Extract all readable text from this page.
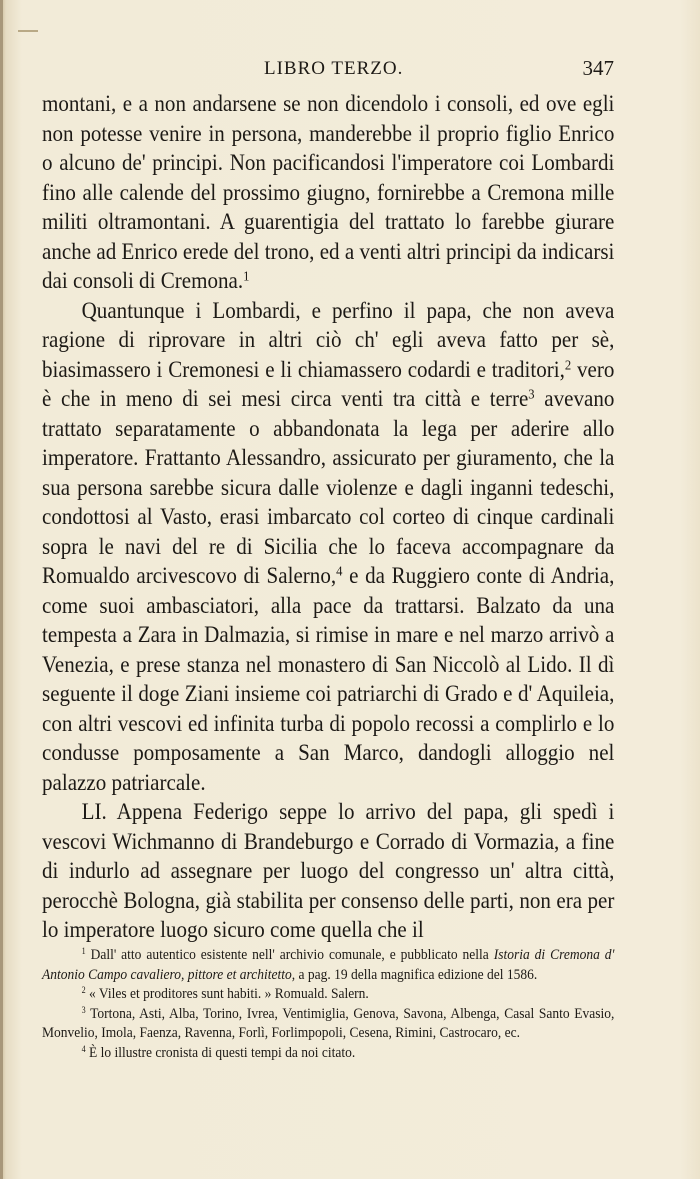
LIBRO TERZO.	347

montani, e a non andarsene se non dicendolo i consoli, ed ove egli non potesse venire in persona, manderebbe il proprio figlio Enrico o alcuno de' principi. Non pacificandosi l'imperatore coi Lombardi fino alle calende del prossimo giugno, fornirebbe a Cremona mille militi oltramontani. A guarentigia del trattato lo farebbe giurare anche ad Enrico erede del trono, ed a venti altri principi da indicarsi dai consoli di Cremona.$^1$

Quantunque i Lombardi, e perfino il papa, che non aveva ragione di riprovare in altri ciò ch' egli aveva fatto per sè, biasimassero i Cremonesi e li chiamassero codardi e traditori,$^2$ vero è che in meno di sei mesi circa venti tra città e terre$^3$ avevano trattato separatamente o abbandonata la lega per aderire allo imperatore. Frattanto Alessandro, assicurato per giuramento, che la sua persona sarebbe sicura dalle violenze e dagli inganni tedeschi, condottosi al Vasto, erasi imbarcato col corteo di cinque cardinali sopra le navi del re di Sicilia che lo faceva accompagnare da Romualdo arcivescovo di Salerno,$^4$ e da Ruggiero conte di Andria, come suoi ambasciatori, alla pace da trattarsi. Balzato da una tempesta a Zara in Dalmazia, si rimise in mare e nel marzo arrivò a Venezia, e prese stanza nel monastero di San Niccolò al Lido. Il dì seguente il doge Ziani insieme coi patriarchi di Grado e d' Aquileia, con altri vescovi ed infinita turba di popolo recossi a complirlo e lo condusse pomposamente a San Marco, dandogli alloggio nel palazzo patriarcale.

LI. Appena Federigo seppe lo arrivo del papa, gli spedì i vescovi Wichmanno di Brandeburgo e Corrado di Vormazia, a fine di indurlo ad assegnare per luogo del congresso un' altra città, perocchè Bologna, già stabilita per consenso delle parti, non era per lo imperatore luogo sicuro come quella che il

$^1$ Dall' atto autentico esistente nell' archivio comunale, e pubblicato nella Istoria di Cremona d' Antonio Campo cavaliero, pittore et architetto, a pag. 19 della magnifica edizione del 1586.

$^2$ « Viles et proditores sunt habiti. » Romuald. Salern.

$^3$ Tortona, Asti, Alba, Torino, Ivrea, Ventimiglia, Genova, Savona, Albenga, Casal Santo Evasio, Monvelio, Imola, Faenza, Ravenna, Forlì, Forlimpopoli, Cesena, Rimini, Castrocaro, ec.

$^4$ È lo illustre cronista di questi tempi da noi citato.
